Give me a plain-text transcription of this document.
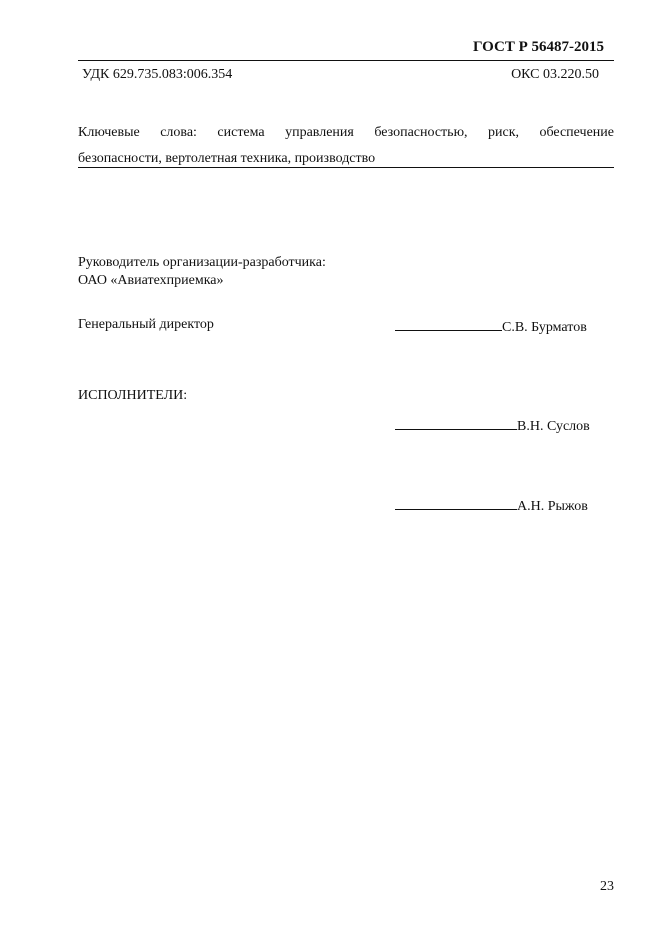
ГОСТ Р 56487-2015
УДК 629.735.083:006.354	ОКС 03.220.50
Ключевые слова: система управления безопасностью, риск, обеспечение
безопасности, вертолетная техника, производство
Руководитель организации-разработчика:
ОАО «Авиатехприемка»
Генеральный директор	С.В. Бурматов
ИСПОЛНИТЕЛИ:
В.Н. Суслов
А.Н. Рыжов
23
